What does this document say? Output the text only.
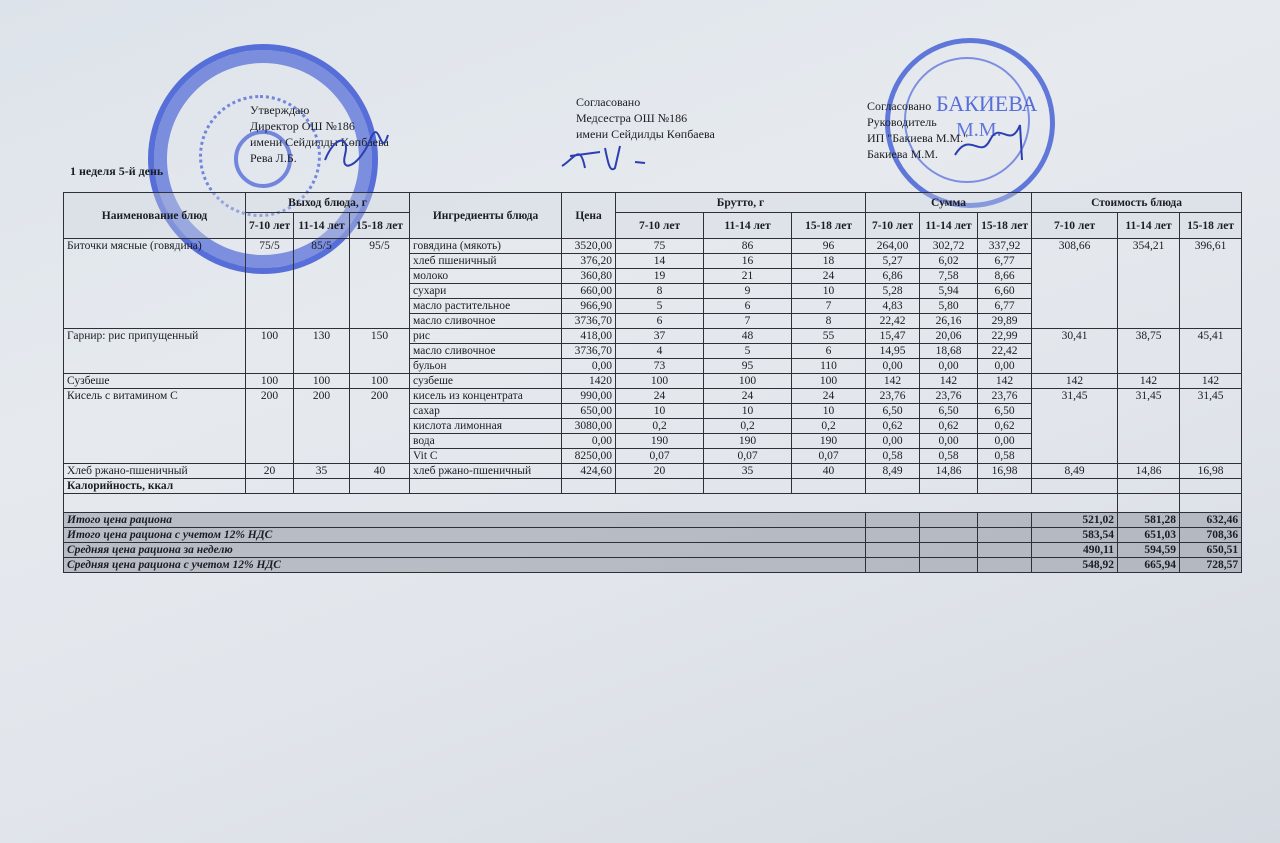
БАКИЕВА
М.М.
Утверждаю
Директор ОШ №186
имени Сейдилды Көпбаева
Рева Л.Б.
Согласовано
Медсестра ОШ №186
имени Сейдилды Көпбаева
Согласовано
Руководитель
ИП "Бакиева М.М."
Бакиева М.М.
1 неделя 5-й день
Наименование блюд	Выход блюда, г			Ингредиенты блюда	Цена	Брутто, г			Сумма			Стоимость блюда		
	7-10 лет	11-14 лет	15-18 лет			7-10 лет	11-14 лет	15-18 лет	7-10 лет	11-14 лет	15-18 лет	7-10 лет	11-14 лет	15-18 лет

Биточки мясные (говядина)	75/5	85/5	95/5	говядина (мякоть)	3520,00	75	86	96	264,00	302,72	337,92	308,66	354,21	396,61
				хлеб пшеничный	376,20	14	16	18	5,27	6,02	6,77			
				молоко	360,80	19	21	24	6,86	7,58	8,66			
				сухари	660,00	8	9	10	5,28	5,94	6,60			
				масло растительное	966,90	5	6	7	4,83	5,80	6,77			
				масло сливочное	3736,70	6	7	8	22,42	26,16	29,89			
Гарнир: рис припущенный	100	130	150	рис	418,00	37	48	55	15,47	20,06	22,99	30,41	38,75	45,41
				масло сливочное	3736,70	4	5	6	14,95	18,68	22,42			
				бульон	0,00	73	95	110	0,00	0,00	0,00			
Сузбеше	100	100	100	сузбеше	1420	100	100	100	142	142	142	142	142	142
Кисель с витамином С	200	200	200	кисель из концентрата	990,00	24	24	24	23,76	23,76	23,76	31,45	31,45	31,45
				сахар	650,00	10	10	10	6,50	6,50	6,50			
				кислота лимонная	3080,00	0,2	0,2	0,2	0,62	0,62	0,62			
				вода	0,00	190	190	190	0,00	0,00	0,00			
				Vit C	8250,00	0,07	0,07	0,07	0,58	0,58	0,58			
Хлеб ржано-пшеничный	20	35	40	хлеб ржано-пшеничный	424,60	20	35	40	8,49	14,86	16,98	8,49	14,86	16,98
Калорийность, ккал														

Итого цена рациона												521,02	581,28	632,46
Итого цена рациона с учетом 12% НДС												583,54	651,03	708,36
Средняя цена рациона за неделю												490,11	594,59	650,51
Средняя цена рациона с учетом 12% НДС												548,92	665,94	728,57
